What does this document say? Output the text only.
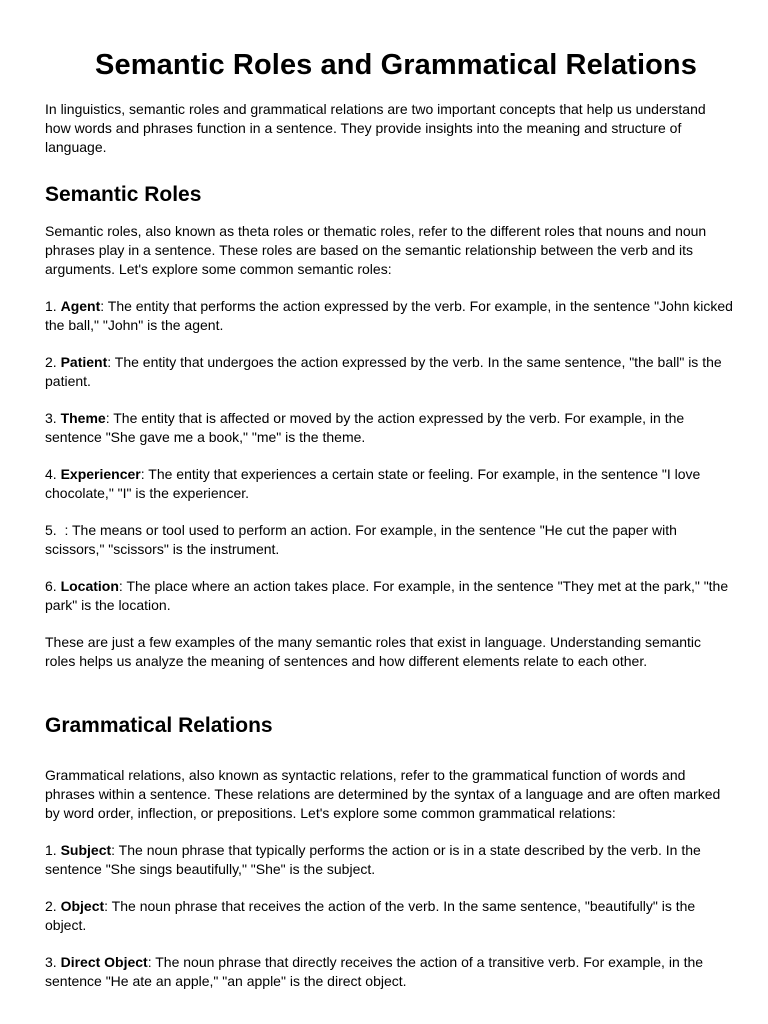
Semantic Roles and Grammatical Relations

In linguistics, semantic roles and grammatical relations are two important concepts that help us understand how words and phrases function in a sentence. They provide insights into the meaning and structure of language.

Semantic Roles

Semantic roles, also known as theta roles or thematic roles, refer to the different roles that nouns and noun phrases play in a sentence. These roles are based on the semantic relationship between the verb and its arguments. Let's explore some common semantic roles:

1. Agent: The entity that performs the action expressed by the verb. For example, in the sentence "John kicked the ball," "John" is the agent.

2. Patient: The entity that undergoes the action expressed by the verb. In the same sentence, "the ball" is the patient.

3. Theme: The entity that is affected or moved by the action expressed by the verb. For example, in the sentence "She gave me a book," "me" is the theme.

4. Experiencer: The entity that experiences a certain state or feeling. For example, in the sentence "I love chocolate," "I" is the experiencer.

5.  : The means or tool used to perform an action. For example, in the sentence "He cut the paper with scissors," "scissors" is the instrument.

6. Location: The place where an action takes place. For example, in the sentence "They met at the park," "the park" is the location.

These are just a few examples of the many semantic roles that exist in language. Understanding semantic roles helps us analyze the meaning of sentences and how different elements relate to each other.

Grammatical Relations

Grammatical relations, also known as syntactic relations, refer to the grammatical function of words and phrases within a sentence. These relations are determined by the syntax of a language and are often marked by word order, inflection, or prepositions. Let's explore some common grammatical relations:

1. Subject: The noun phrase that typically performs the action or is in a state described by the verb. In the sentence "She sings beautifully," "She" is the subject.

2. Object: The noun phrase that receives the action of the verb. In the same sentence, "beautifully" is the object.

3. Direct Object: The noun phrase that directly receives the action of a transitive verb. For example, in the sentence "He ate an apple," "an apple" is the direct object.
